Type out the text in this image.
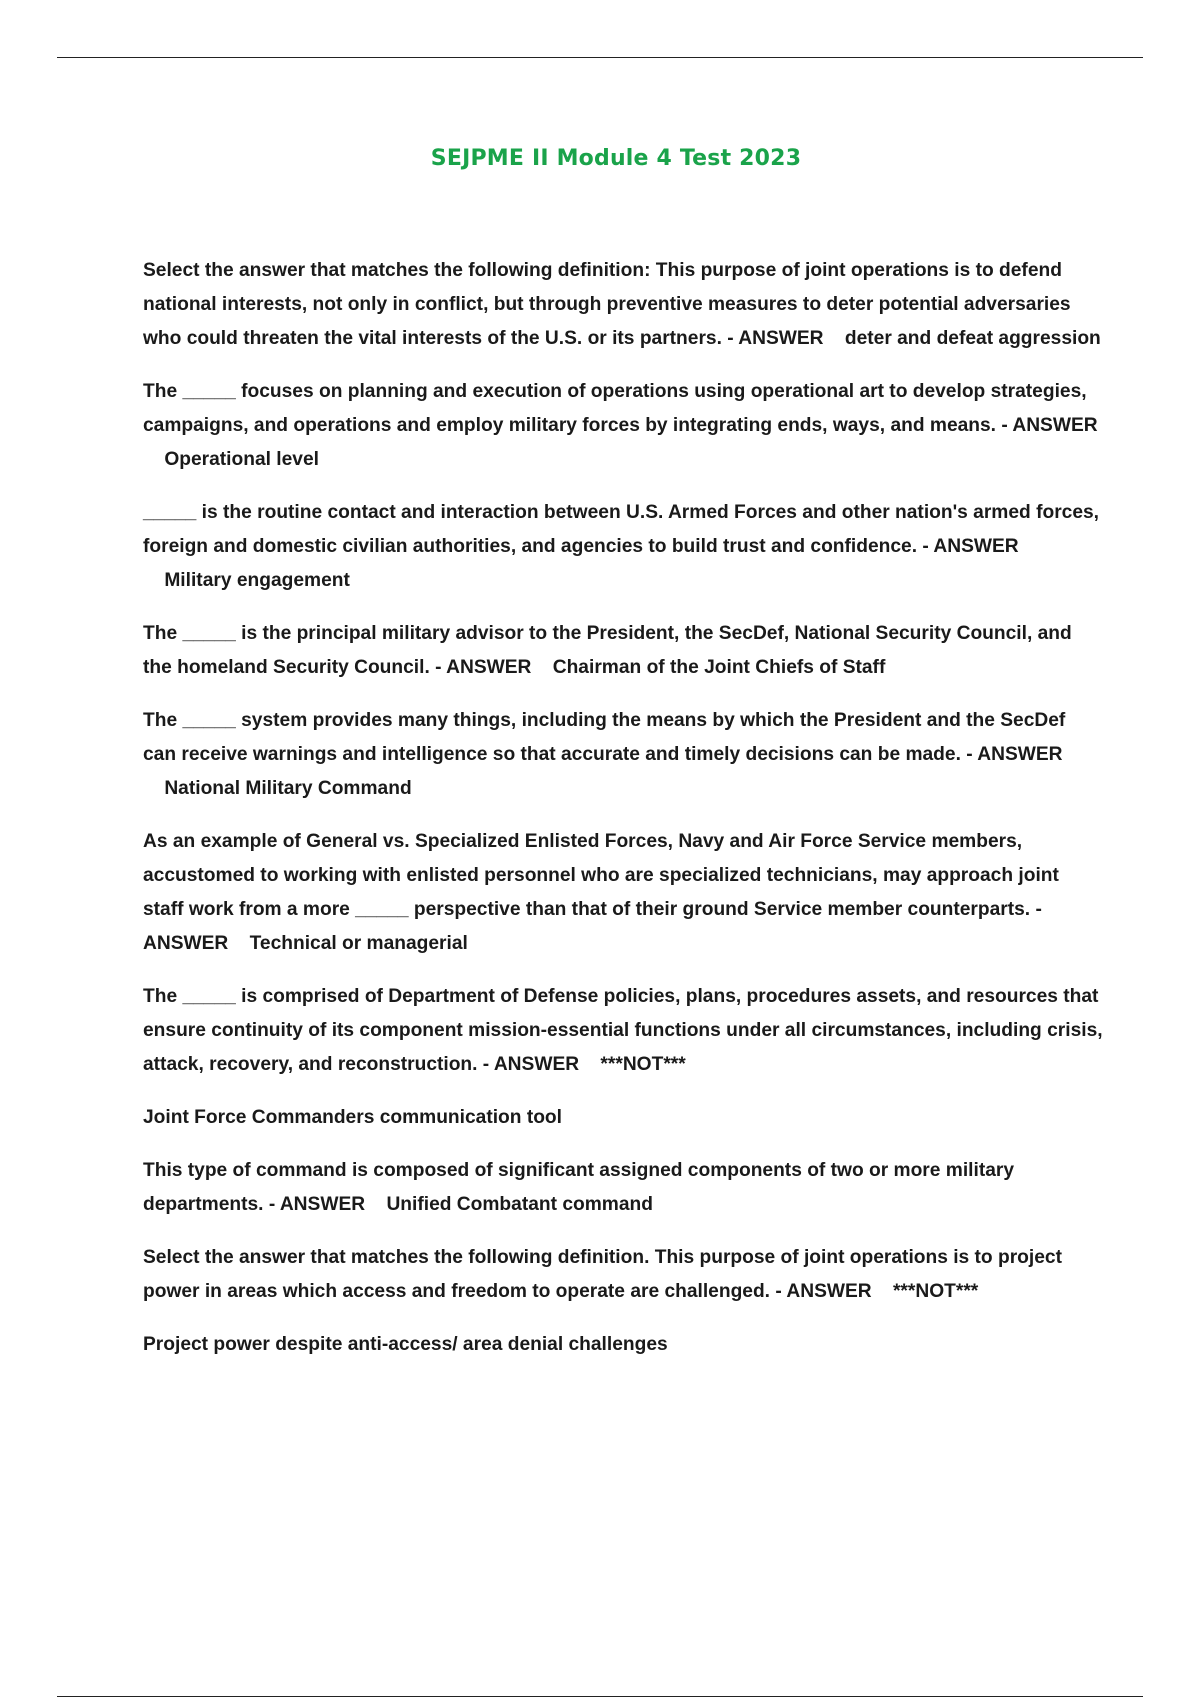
SEJPME II Module 4 Test 2023

Select the answer that matches the following definition: This purpose of joint operations is to defend national interests, not only in conflict, but through preventive measures to deter potential adversaries who could threaten the vital interests of the U.S. or its partners. - ANSWER deter and defeat aggression

The _____ focuses on planning and execution of operations using operational art to develop strategies, campaigns, and operations and employ military forces by integrating ends, ways, and means. - ANSWER    Operational level

_____ is the routine contact and interaction between U.S. Armed Forces and other nation's armed forces, foreign and domestic civilian authorities, and agencies to build trust and confidence. - ANSWER    Military engagement

The _____ is the principal military advisor to the President, the SecDef, National Security Council, and the homeland Security Council. - ANSWER Chairman of the Joint Chiefs of Staff

The _____ system provides many things, including the means by which the President and the SecDef can receive warnings and intelligence so that accurate and timely decisions can be made. - ANSWER    National Military Command

As an example of General vs. Specialized Enlisted Forces, Navy and Air Force Service members, accustomed to working with enlisted personnel who are specialized technicians, may approach joint staff work from a more _____ perspective than that of their ground Service member counterparts. - ANSWER Technical or managerial

The _____ is comprised of Department of Defense policies, plans, procedures assets, and resources that ensure continuity of its component mission-essential functions under all circumstances, including crisis, attack, recovery, and reconstruction. - ANSWER ***NOT***

Joint Force Commanders communication tool

This type of command is composed of significant assigned components of two or more military departments. - ANSWER Unified Combatant command

Select the answer that matches the following definition. This purpose of joint operations is to project power in areas which access and freedom to operate are challenged. - ANSWER ***NOT***

Project power despite anti-access/ area denial challenges
